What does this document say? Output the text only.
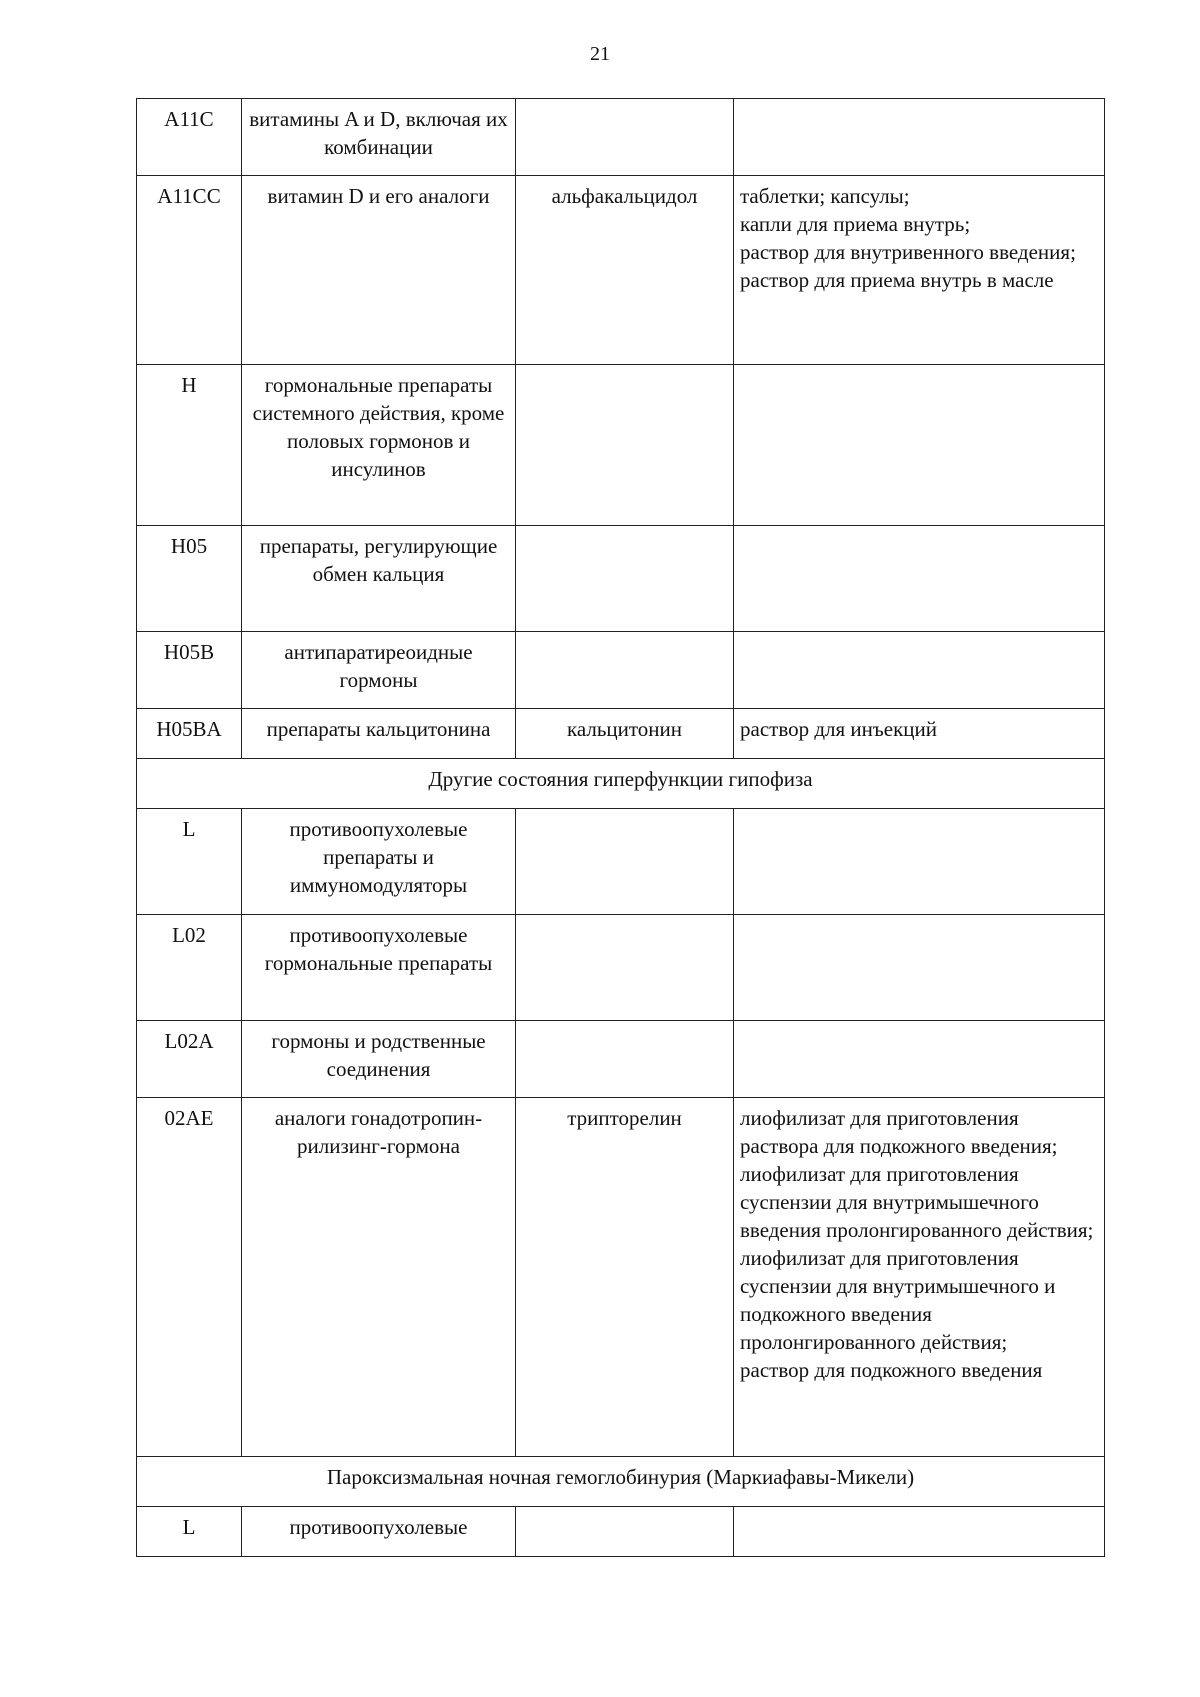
21
A11C	витамины A и D, включая их комбинации		
A11CC	витамин D и его аналоги	альфакальцидол	таблетки; капсулы;
капли для приема внутрь;
раствор для внутривенного введения;
раствор для приема внутрь в масле

H	гормональные препараты системного действия, кроме половых гормонов и инсулинов		
H05	препараты, регулирующие обмен кальция		
H05B	антипаратиреоидные гормоны		
H05BA	препараты кальцитонина	кальцитонин	раствор для инъекций

Другие состояния гиперфункции гипофиза			
L	противоопухолевые препараты и иммуномодуляторы		
L02	противоопухолевые гормональные препараты		
L02A	гормоны и родственные соединения		
02AE	аналоги гонадотропин-рилизинг-гормона	трипторелин	лиофилизат для приготовления раствора для подкожного введения;
лиофилизат для приготовления суспензии для внутримышечного введения пролонгированного действия;
лиофилизат для приготовления суспензии для внутримышечного и подкожного введения пролонгированного действия;
раствор для подкожного введения

Пароксизмальная ночная гемоглобинурия (Маркиафавы-Микели)			
L	противоопухолевые		
